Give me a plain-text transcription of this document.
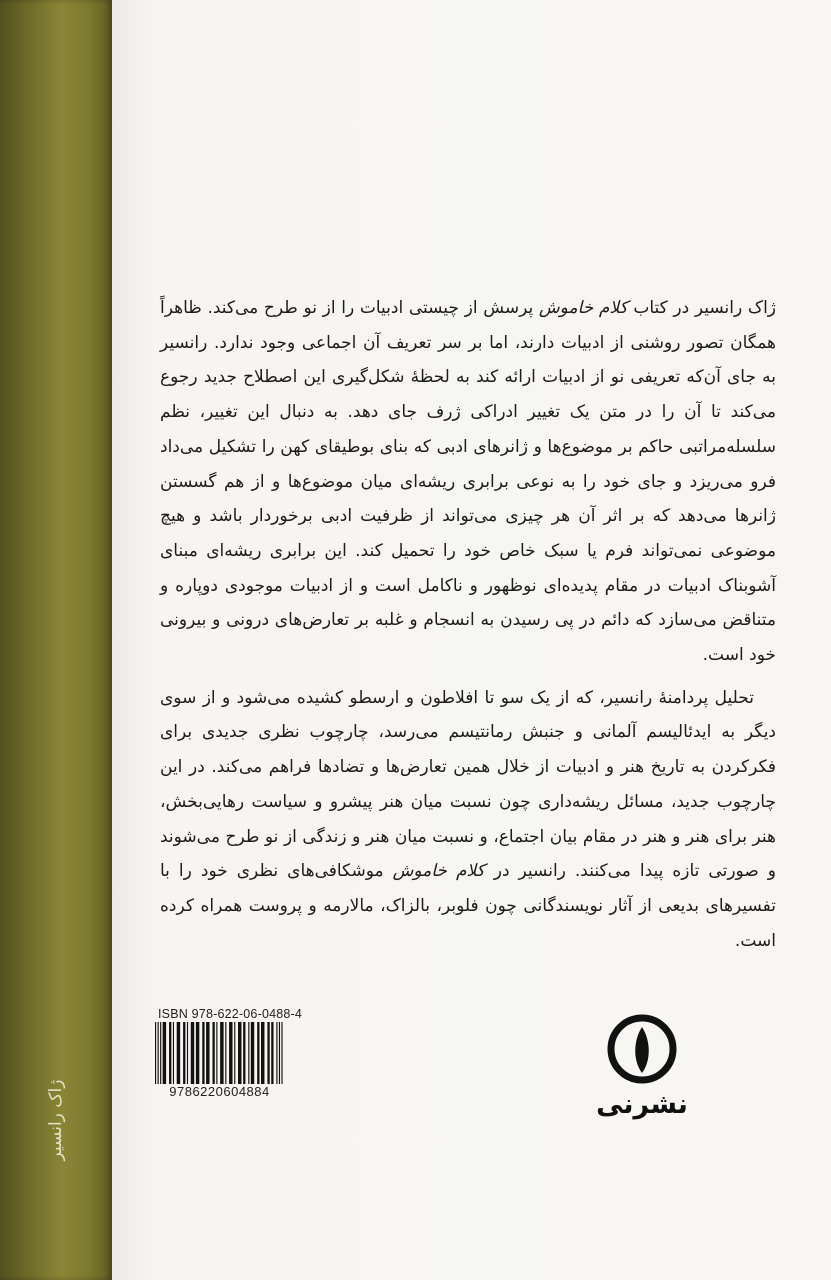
ژاک رانسیر

ژاک رانسیر در کتاب کلام خاموش پرسش از چیستی ادبیات را از نو طرح می‌کند. ظاهراً همگان تصور روشنی از ادبیات دارند، اما بر سر تعریف آن اجماعی وجود ندارد. رانسیر به جای آن‌که تعریفی نو از ادبیات ارائه کند به لحظهٔ شکل‌گیری این اصطلاح جدید رجوع می‌کند تا آن را در متن یک تغییر ادراکی ژرف جای دهد. به دنبال این تغییر، نظم سلسله‌مراتبی حاکم بر موضوع‌ها و ژانرهای ادبی که بنای بوطیقای کهن را تشکیل می‌داد فرو می‌ریزد و جای خود را به نوعی برابری ریشه‌ای میان موضوع‌ها و از هم گسستن ژانرها می‌دهد که بر اثر آن هر چیزی می‌تواند از ظرفیت ادبی برخوردار باشد و هیچ موضوعی نمی‌تواند فرم یا سبک خاص خود را تحمیل کند. این برابری ریشه‌ای مبنای آشوبناک ادبیات در مقام پدیده‌ای نوظهور و ناکامل است و از ادبیات موجودی دوپاره و متناقض می‌سازد که دائم در پی رسیدن به انسجام و غلبه بر تعارض‌های درونی و بیرونی خود است.

تحلیل پردامنهٔ رانسیر، که از یک سو تا افلاطون و ارسطو کشیده می‌شود و از سوی دیگر به ایدئالیسم آلمانی و جنبش رمانتیسم می‌رسد، چارچوب نظری جدیدی برای فکرکردن به تاریخ هنر و ادبیات از خلال همین تعارض‌ها و تضادها فراهم می‌کند. در این چارچوب جدید، مسائل ریشه‌داری چون نسبت میان هنر پیشرو و سیاست رهایی‌بخش، هنر برای هنر و هنر در مقام بیان اجتماع، و نسبت میان هنر و زندگی از نو طرح می‌شوند و صورتی تازه پیدا می‌کنند. رانسیر در کلام خاموش موشکافی‌های نظری خود را با تفسیرهای بدیعی از آثار نویسندگانی چون فلوبر، بالزاک، مالارمه و پروست همراه کرده است.

ISBN 978-622-06-0488-4
9786220604884	نشرنی
